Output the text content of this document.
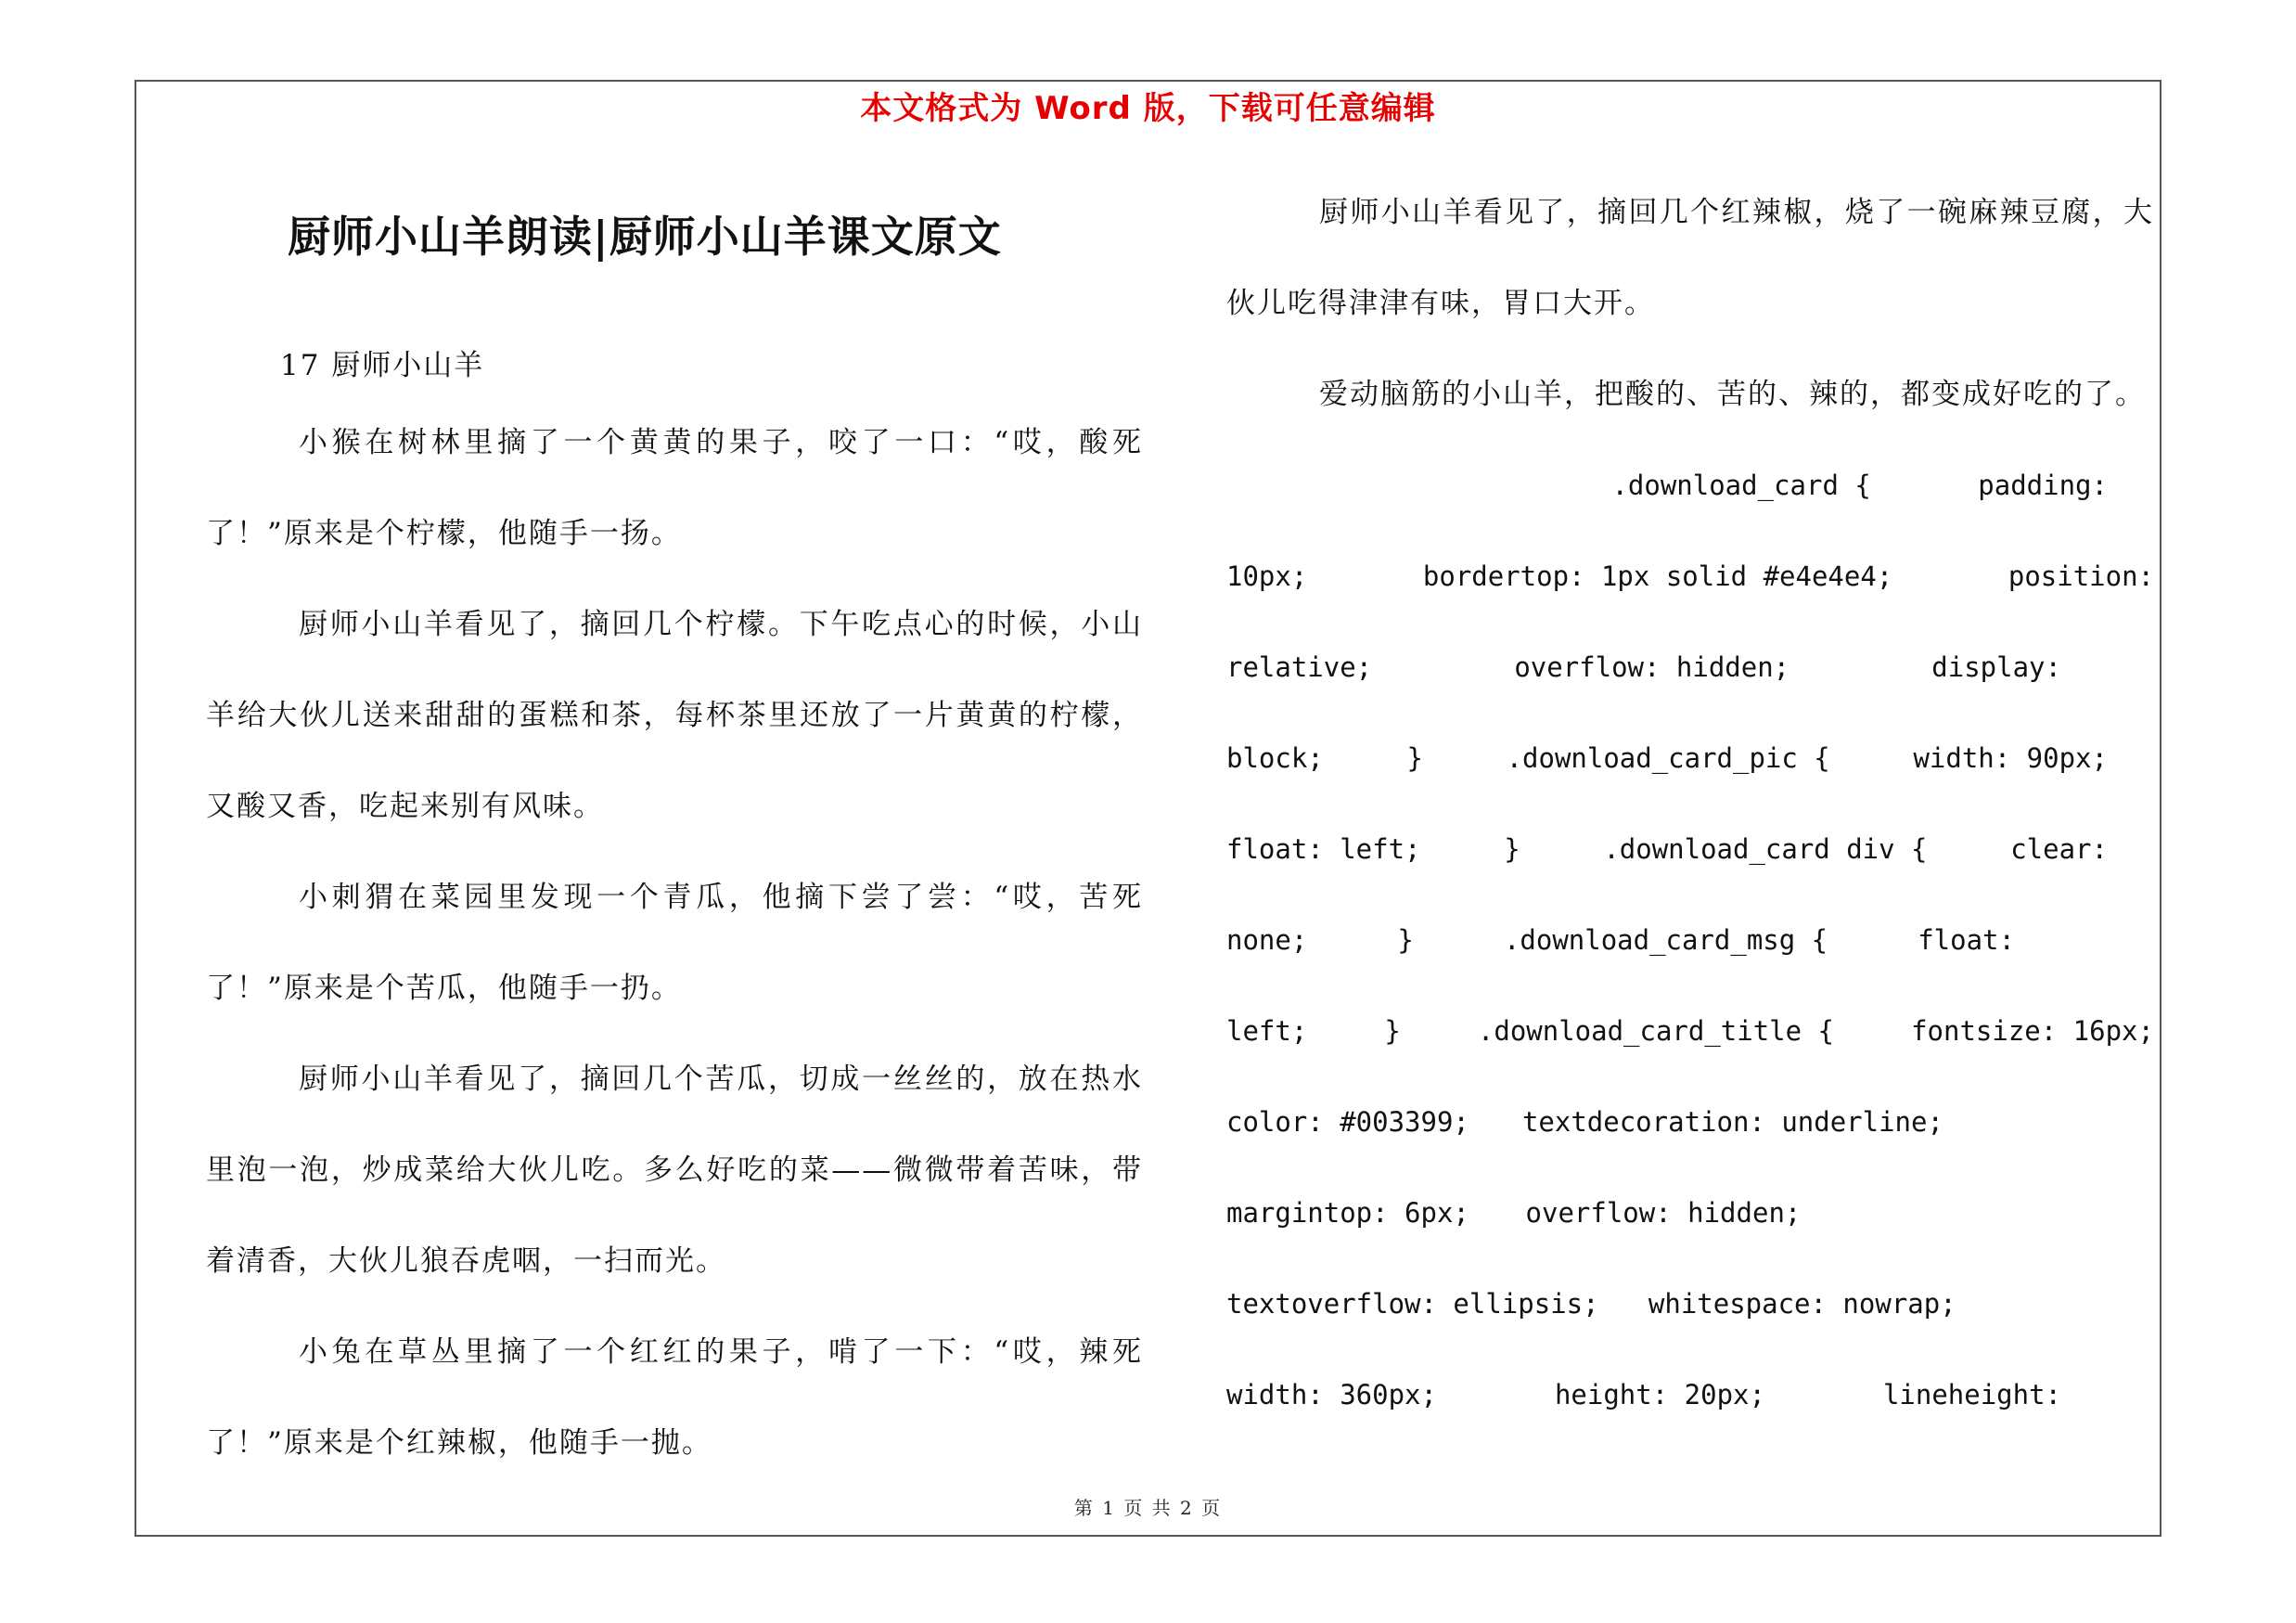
本文格式为 Word 版，下载可任意编辑
厨师小山羊朗读|厨师小山羊课文原文

17 厨师小山羊

小猴在树林里摘了一个黄黄的果子，咬了一口：“哎，酸死了！”原来是个柠檬，他随手一扬。

厨师小山羊看见了，摘回几个柠檬。下午吃点心的时候，小山羊给大伙儿送来甜甜的蛋糕和茶，每杯茶里还放了一片黄黄的柠檬，又酸又香，吃起来别有风味。

小刺猬在菜园里发现一个青瓜，他摘下尝了尝：“哎，苦死了！”原来是个苦瓜，他随手一扔。

厨师小山羊看见了，摘回几个苦瓜，切成一丝丝的，放在热水里泡一泡，炒成菜给大伙儿吃。多么好吃的菜——微微带着苦味，带着清香，大伙儿狼吞虎咽，一扫而光。

小兔在草丛里摘了一个红红的果子，啃了一下：“哎，辣死了！”原来是个红辣椒，他随手一抛。

厨师小山羊看见了，摘回几个红辣椒，烧了一碗麻辣豆腐，大伙儿吃得津津有味，胃口大开。

爱动脑筋的小山羊，把酸的、苦的、辣的，都变成好吃的了。

.download_card {	padding:
10px;	bordertop: 1px solid #e4e4e4;	position:
relative;	overflow: hidden;	display:
block;	}	.download_card_pic {	width: 90px;
float: left;	}	.download_card div {	clear:
none;	}	.download_card_msg {	float:
left;	}	.download_card_title {	fontsize: 16px;
color: #003399; textdecoration: underline;
margintop: 6px; overflow: hidden;
textoverflow: ellipsis; whitespace: nowrap;
width: 360px;	height: 20px;	lineheight:
第 1 页 共 2 页
